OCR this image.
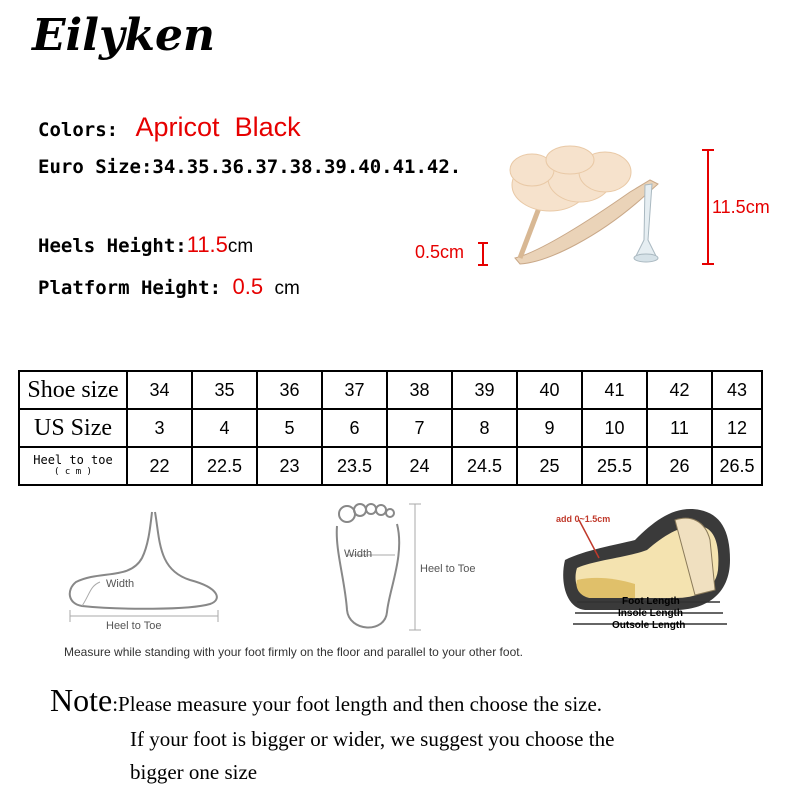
Eilyken
Colors: Apricot  Black
Euro Size:34.35.36.37.38.39.40.41.42.
Heels Height:11.5cm
Platform Height: 0.5 cm
11.5cm
0.5cm
Shoe size	34	35	36	37	38	39	40	41	42	43
US Size	3	4	5	6	7	8	9	10	11	12

Heel to toe
( c m )	22	22.5	23	23.5	24	24.5	25	25.5	26	26.5
Width
Heel to Toe
Width
Heel to Toe
add 0~1.5cm
Foot Length
Insole Length
Outsole Length
Measure while standing with your foot firmly on the floor and parallel to your other foot.
Note:Please measure your foot length and then choose the size.
If your foot is bigger or wider, we suggest you choose the
bigger one size
